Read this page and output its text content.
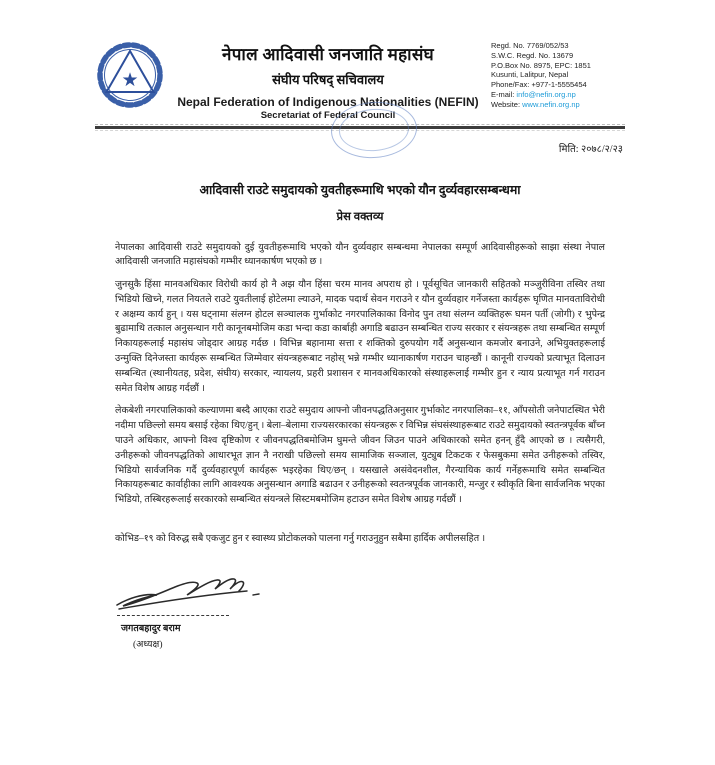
★
नेपाल आदिवासी जनजाति महासंघ
संघीय परिषद् सचिवालय
Nepal Federation of Indigenous Nationalities (NEFIN)
Secretariat of Federal Council
Regd. No. 7769/052/53
S.W.C. Regd. No. 13679
P.O.Box No. 8975, EPC: 1851
Kusunti, Lalitpur, Nepal
Phone/Fax: +977-1-5555454
E-mail: info@nefin.org.np
Website: www.nefin.org.np
मिति: २०७८/२/२३
आदिवासी राउटे समुदायको युवतीहरूमाथि भएको यौन दुर्व्यवहारसम्बन्धमा
प्रेस वक्तव्य

नेपालका आदिवासी राउटे समुदायको दुई युवतीहरूमाथि भएको यौन दुर्व्यवहार सम्बन्धमा नेपालका सम्पूर्ण आदिवासीहरूको साझा संस्था नेपाल आदिवासी जनजाति महासंघको गम्भीर ध्यानकार्षण भएको छ ।

जुनसुकै हिंसा मानवअधिकार विरोधी कार्य हो नै अझ यौन हिंसा चरम मानव अपराध हो । पूर्वसूचित जानकारी सहितको मञ्जुरीविना तस्विर तथा भिडियो खिच्ने, गलत नियतले राउटे युवतीलाई होटेलमा ल्याउने, मादक पदार्थ सेवन गराउने र यौन दुर्व्यवहार गर्नेजस्ता कार्यहरू घृणित मानवताविरोधी र अक्षम्य कार्य हुन् । यस घट्नामा संलग्न होटल सञ्चालक गुर्भाकोट नगरपालिकाका विनोद पुन तथा संलग्न व्यक्तिहरू घमन पर्ती (जोगी) र भुपेन्द्र बुढामाथि तत्काल अनुसन्धान गरी कानूनबमोजिम कडा भन्दा कडा कार्बाही अगाडि बढाउन सम्बन्धित राज्य सरकार र संयन्त्रहरू तथा सम्बन्धित सम्पूर्ण निकायहरूलाई महासंघ जोड्दार आग्रह गर्दछ । विभिन्न बहानामा सत्ता र शक्तिको दुरुपयोग गर्दै अनुसन्धान कमजोर बनाउने, अभियुक्तहरूलाई उन्मुक्ति दिनेजस्ता कार्यहरू सम्बन्धित जिम्मेवार संयन्त्रहरूबाट नहोस् भन्ने गम्भीर ध्यानाकार्षण गराउन चाहन्छौं । कानूनी राज्यको प्रत्याभूत दिलाउन सम्बन्धित (स्थानीयतह, प्रदेश, संघीय) सरकार, न्यायलय, प्रहरी प्रशासन र मानवअधिकारको संस्थाहरूलाई गम्भीर हुन र न्याय प्रत्याभूत गर्न गराउन समेत विशेष आग्रह गर्दछौं ।

लेकबेशी नगरपालिकाको कल्याणमा बस्दै आएका राउटे समुदाय आफ्नो जीवनपद्धतिअनुसार गुर्भाकोट नगरपालिका–११, आँपसोती जनेपाटस्थित भेरी नदीमा पछिल्लो समय बसाई रहेका थिए/हुन् । बेला–बेलामा राज्यसरकारका संयन्त्रहरू र विभिन्न संघसंस्थाहरूबाट राउटे समुदायको स्वतन्त्रपूर्वक बाँच्न पाउने अधिकार, आफ्नो विश्व दृष्टिकोण र जीवनपद्धतिबमोजिम घुमन्ते जीवन जिउन पाउने अधिकारको समेत हनन् हुँदै आएको छ । त्यसैगरी, उनीहरूको जीवनपद्धतिको आधारभूत ज्ञान नै नराखी पछिल्लो समय सामाजिक सञ्जाल, युट्युब टिकटक र फेसबुकमा समेत उनीहरूको तस्विर, भिडियो सार्वजनिक गर्दै दुर्व्यवहारपूर्ण कार्यहरू भइरहेका थिए/छन् । यसखाले असंवेदनशील, गैरन्यायिक कार्य गर्नेहरूमाथि समेत सम्बन्धित निकायहरूबाट कार्वाहीका लागि आवश्यक अनुसन्धान अगाडि बढाउन र उनीहरूको स्वतन्त्रपूर्वक जानकारी, मन्जुर र स्वीकृति बिना सार्वजनिक भएका भिडियो, तस्बिरहरूलाई सरकारको सम्बन्धित संयन्त्रले सिस्टमबमोजिम हटाउन समेत विशेष आग्रह गर्दछौं ।

कोभिड–१९ को विरुद्ध सबै एकजुट हुन र स्वास्थ्य प्रोटोकलको पालना गर्नु गराउनुहुन सबैमा हार्दिक अपीलसहित ।

जगतबहादुर बराम
(अध्यक्ष)
